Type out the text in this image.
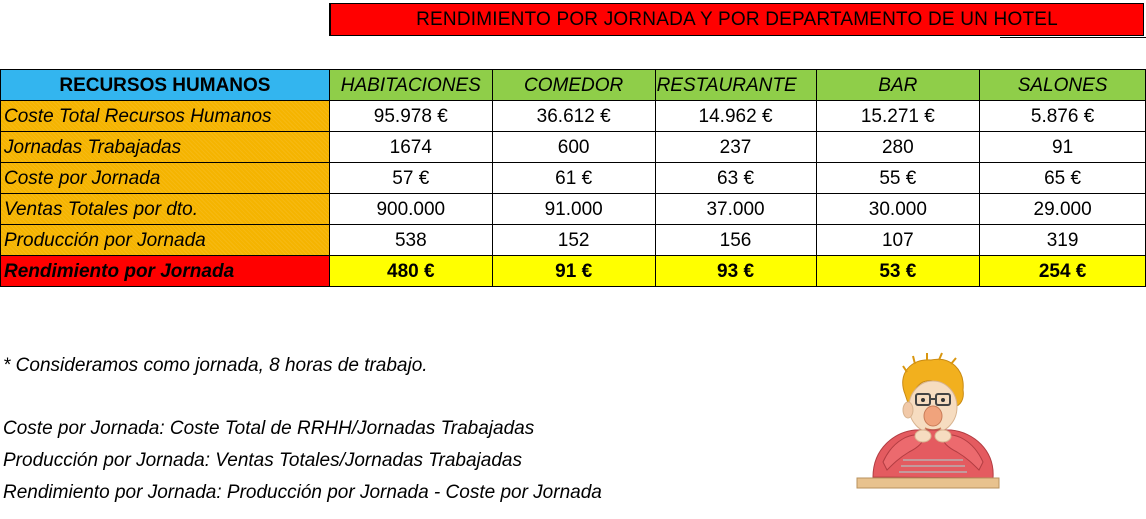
RENDIMIENTO POR JORNADA Y POR DEPARTAMENTO DE UN HOTEL
RECURSOS HUMANOS	HABITACIONES	COMEDOR	RESTAURANTE	BAR	SALONES
Coste Total Recursos Humanos	95.978 €	36.612 €	14.962 €	15.271 €	5.876 €
Jornadas Trabajadas	1674	600	237	280	91
Coste por Jornada	57 €	61 €	63 €	55 €	65 €
Ventas Totales por dto.	900.000	91.000	37.000	30.000	29.000
Producción por Jornada	538	152	156	107	319
Rendimiento por Jornada	480 €	91 €	93 €	53 €	254 €
* Consideramos como jornada, 8 horas de trabajo.
Coste por Jornada: Coste Total de RRHH/Jornadas Trabajadas
Producción por Jornada: Ventas Totales/Jornadas Trabajadas
Rendimiento por Jornada: Producción por Jornada - Coste por Jornada
